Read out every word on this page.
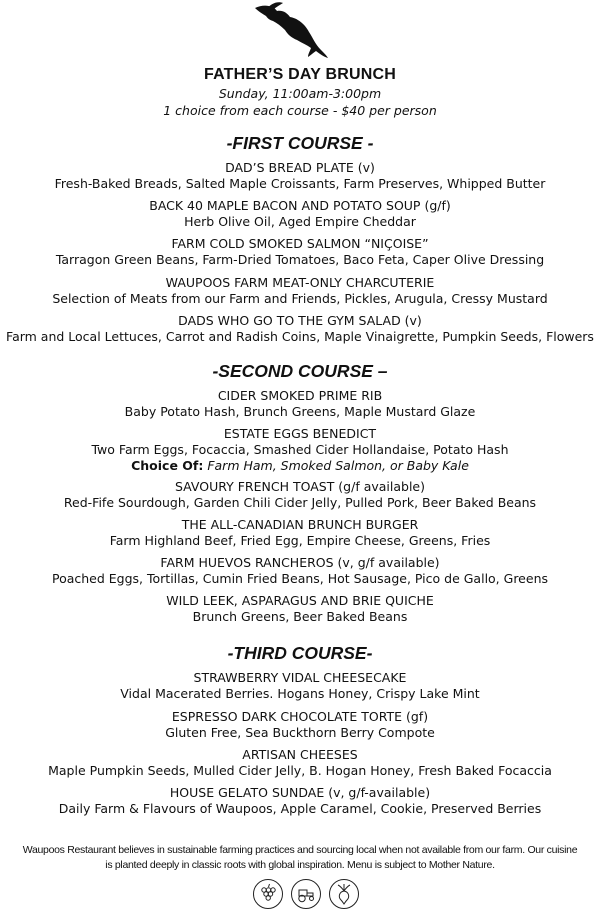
FATHER’S DAY BRUNCH
Sunday, 11:00am-3:00pm
1 choice from each course - $40 per person
-FIRST COURSE -
DAD’S BREAD PLATE (v)
Fresh-Baked Breads, Salted Maple Croissants, Farm Preserves, Whipped Butter
BACK 40 MAPLE BACON AND POTATO SOUP (g/f)
Herb Olive Oil, Aged Empire Cheddar
FARM COLD SMOKED SALMON “NIÇOISE”
Tarragon Green Beans, Farm-Dried Tomatoes, Baco Feta, Caper Olive Dressing
WAUPOOS FARM MEAT-ONLY CHARCUTERIE
Selection of Meats from our Farm and Friends, Pickles, Arugula, Cressy Mustard
DADS WHO GO TO THE GYM SALAD (v)
Farm and Local Lettuces, Carrot and Radish Coins, Maple Vinaigrette, Pumpkin Seeds, Flowers
-SECOND COURSE –
CIDER SMOKED PRIME RIB
Baby Potato Hash, Brunch Greens, Maple Mustard Glaze
ESTATE EGGS BENEDICT
Two Farm Eggs, Focaccia, Smashed Cider Hollandaise, Potato Hash
Choice Of: Farm Ham, Smoked Salmon, or Baby Kale
SAVOURY FRENCH TOAST (g/f available)
Red-Fife Sourdough, Garden Chili Cider Jelly, Pulled Pork, Beer Baked Beans
THE ALL-CANADIAN BRUNCH BURGER
Farm Highland Beef, Fried Egg, Empire Cheese, Greens, Fries
FARM HUEVOS RANCHEROS (v, g/f available)
Poached Eggs, Tortillas, Cumin Fried Beans, Hot Sausage, Pico de Gallo, Greens
WILD LEEK, ASPARAGUS AND BRIE QUICHE
Brunch Greens, Beer Baked Beans
-THIRD COURSE-
STRAWBERRY VIDAL CHEESECAKE
Vidal Macerated Berries. Hogans Honey, Crispy Lake Mint
ESPRESSO DARK CHOCOLATE TORTE (gf)
Gluten Free, Sea Buckthorn Berry Compote
ARTISAN CHEESES
Maple Pumpkin Seeds, Mulled Cider Jelly, B. Hogan Honey, Fresh Baked Focaccia
HOUSE GELATO SUNDAE (v, g/f-available)
Daily Farm & Flavours of Waupoos, Apple Caramel, Cookie, Preserved Berries
Waupoos Restaurant believes in sustainable farming practices and sourcing local when not available from our farm. Our cuisine
is planted deeply in classic roots with global inspiration. Menu is subject to Mother Nature.
